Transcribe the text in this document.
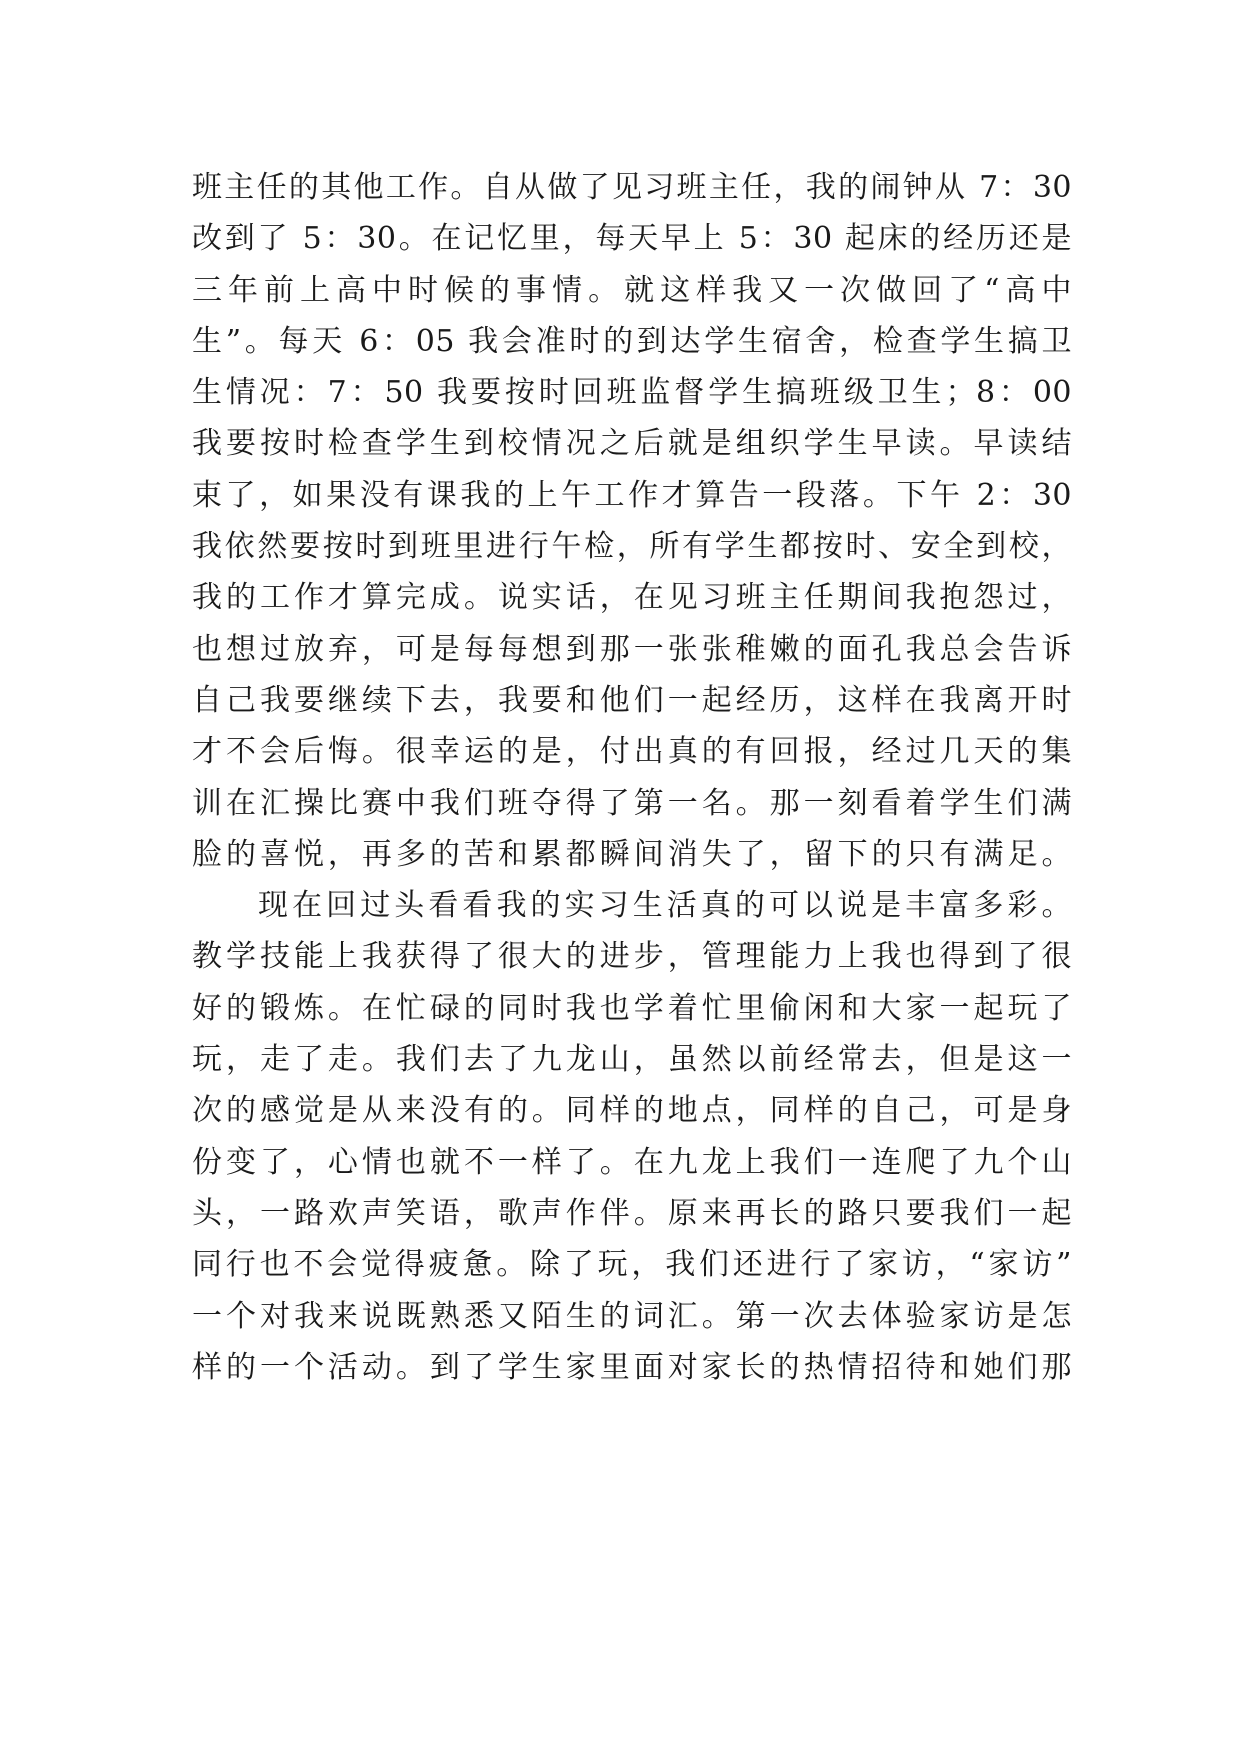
班主任的其他工作。自从做了见习班主任，我的闹钟从 7：30
改到了 5：30。在记忆里，每天早上 5：30 起床的经历还是
三年前上高中时候的事情。就这样我又一次做回了“高中
生”。每天 6：05 我会准时的到达学生宿舍，检查学生搞卫
生情况：7：50 我要按时回班监督学生搞班级卫生；8：00
我要按时检查学生到校情况之后就是组织学生早读。早读结
束了，如果没有课我的上午工作才算告一段落。下午 2：30
我依然要按时到班里进行午检，所有学生都按时、安全到校，
我的工作才算完成。说实话，在见习班主任期间我抱怨过，
也想过放弃，可是每每想到那一张张稚嫩的面孔我总会告诉
自己我要继续下去，我要和他们一起经历，这样在我离开时
才不会后悔。很幸运的是，付出真的有回报，经过几天的集
训在汇操比赛中我们班夺得了第一名。那一刻看着学生们满
脸的喜悦，再多的苦和累都瞬间消失了，留下的只有满足。
现在回过头看看我的实习生活真的可以说是丰富多彩。
教学技能上我获得了很大的进步，管理能力上我也得到了很
好的锻炼。在忙碌的同时我也学着忙里偷闲和大家一起玩了
玩，走了走。我们去了九龙山，虽然以前经常去，但是这一
次的感觉是从来没有的。同样的地点，同样的自己，可是身
份变了，心情也就不一样了。在九龙上我们一连爬了九个山
头，一路欢声笑语，歌声作伴。原来再长的路只要我们一起
同行也不会觉得疲惫。除了玩，我们还进行了家访，“家访”
一个对我来说既熟悉又陌生的词汇。第一次去体验家访是怎
样的一个活动。到了学生家里面对家长的热情招待和她们那
